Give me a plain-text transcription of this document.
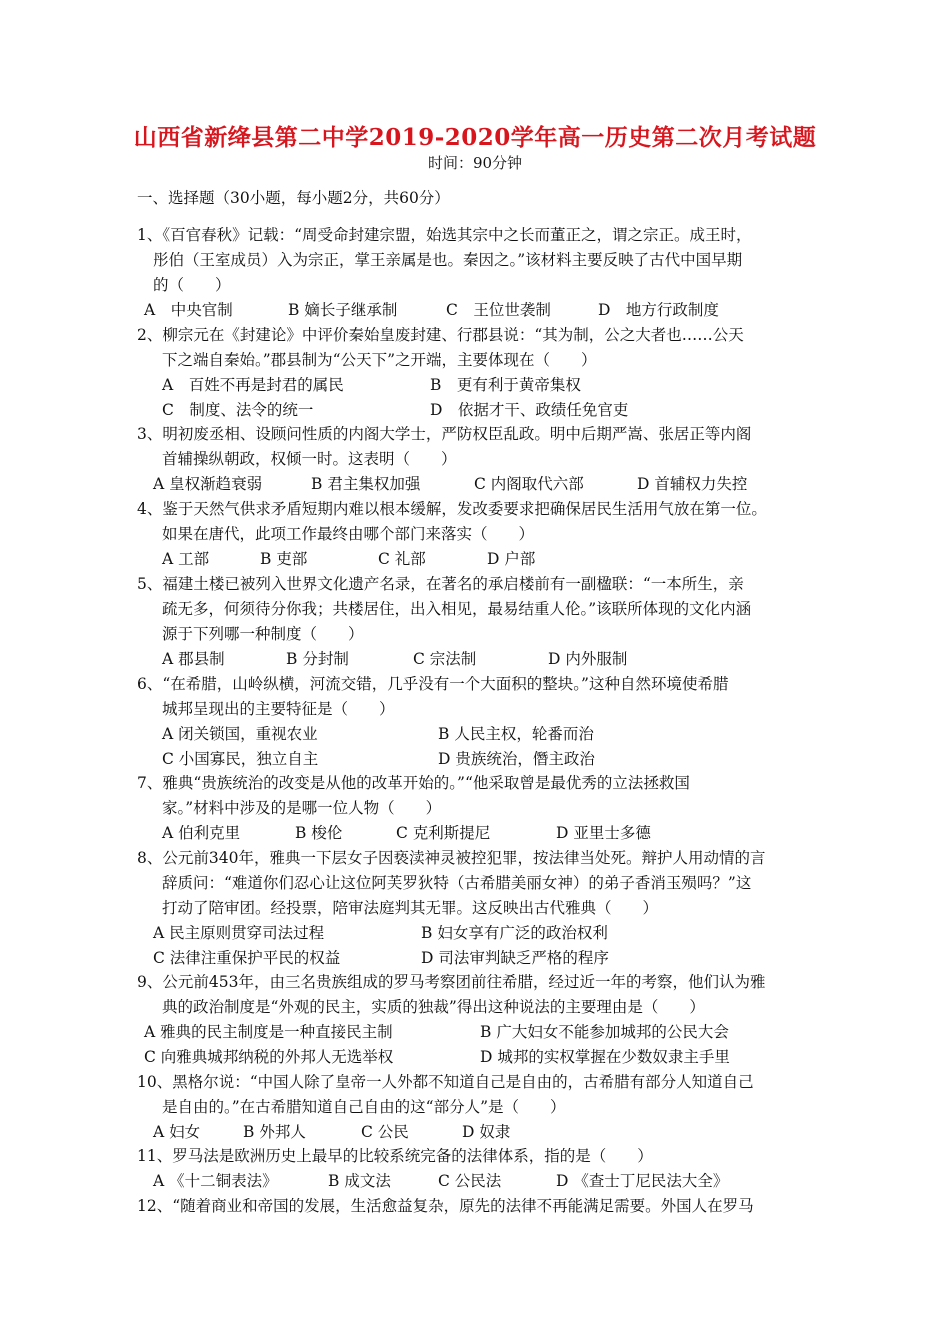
山西省新绛县第二中学2019-2020学年高一历史第二次月考试题
时间：90分钟
一、选择题（30小题，每小题2分，共60分）
1、《百官春秋》记载：“周受命封建宗盟，始选其宗中之长而董正之，谓之宗正。成王时，
彤伯（王室成员）入为宗正，掌王亲属是也。秦因之。”该材料主要反映了古代中国早期
的（　　）
A　中央官制	B 嫡长子继承制	C　王位世袭制	D　地方行政制度
2、柳宗元在《封建论》中评价秦始皇废封建、行郡县说：“其为制，公之大者也……公天
下之端自秦始。”郡县制为“公天下”之开端，主要体现在（　　）
A　百姓不再是封君的属民	B　更有利于黄帝集权
C　制度、法令的统一	D　依据才干、政绩任免官吏
3、明初废丞相、设顾问性质的内阁大学士，严防权臣乱政。明中后期严嵩、张居正等内阁
首辅操纵朝政，权倾一时。这表明（　　）
A 皇权渐趋衰弱	B 君主集权加强	C 内阁取代六部	D 首辅权力失控
4、鉴于天然气供求矛盾短期内难以根本缓解，发改委要求把确保居民生活用气放在第一位。
如果在唐代，此项工作最终由哪个部门来落实（　　）
A 工部	B 吏部	C 礼部	D 户部
5、福建土楼已被列入世界文化遗产名录，在著名的承启楼前有一副楹联：“一本所生，亲
疏无多，何须待分你我；共楼居住，出入相见，最易结重人伦。”该联所体现的文化内涵
源于下列哪一种制度（　　）
A 郡县制	B 分封制	C 宗法制	D 内外服制
6、“在希腊，山岭纵横，河流交错，几乎没有一个大面积的整块。”这种自然环境使希腊
城邦呈现出的主要特征是（　　）
A 闭关锁国，重视农业	B 人民主权，轮番而治
C 小国寡民，独立自主	D 贵族统治，僭主政治
7、雅典“贵族统治的改变是从他的改革开始的。”“他采取曾是最优秀的立法拯救国
家。”材料中涉及的是哪一位人物（　　）
A 伯利克里	B 梭伦	C 克利斯提尼	D 亚里士多德
8、公元前340年，雅典一下层女子因亵渎神灵被控犯罪，按法律当处死。辩护人用动情的言
辞质问：“难道你们忍心让这位阿芙罗狄特（古希腊美丽女神）的弟子香消玉殒吗？”这
打动了陪审团。经投票，陪审法庭判其无罪。这反映出古代雅典（　　）
A 民主原则贯穿司法过程	B 妇女享有广泛的政治权利
C 法律注重保护平民的权益	D 司法审判缺乏严格的程序
9、公元前453年，由三名贵族组成的罗马考察团前往希腊，经过近一年的考察，他们认为雅
典的政治制度是“外观的民主，实质的独裁”得出这种说法的主要理由是（　　）
A 雅典的民主制度是一种直接民主制	B 广大妇女不能参加城邦的公民大会
C 向雅典城邦纳税的外邦人无选举权	D 城邦的实权掌握在少数奴隶主手里
10、黑格尔说：“中国人除了皇帝一人外都不知道自己是自由的，古希腊有部分人知道自己
是自由的。”在古希腊知道自己自由的这“部分人”是（　　）
A 妇女	B 外邦人	C 公民	D 奴隶
11、罗马法是欧洲历史上最早的比较系统完备的法律体系，指的是（　　）
A 《十二铜表法》	B 成文法	C 公民法	D 《查士丁尼民法大全》
12、“随着商业和帝国的发展，生活愈益复杂，原先的法律不再能满足需要。外国人在罗马
